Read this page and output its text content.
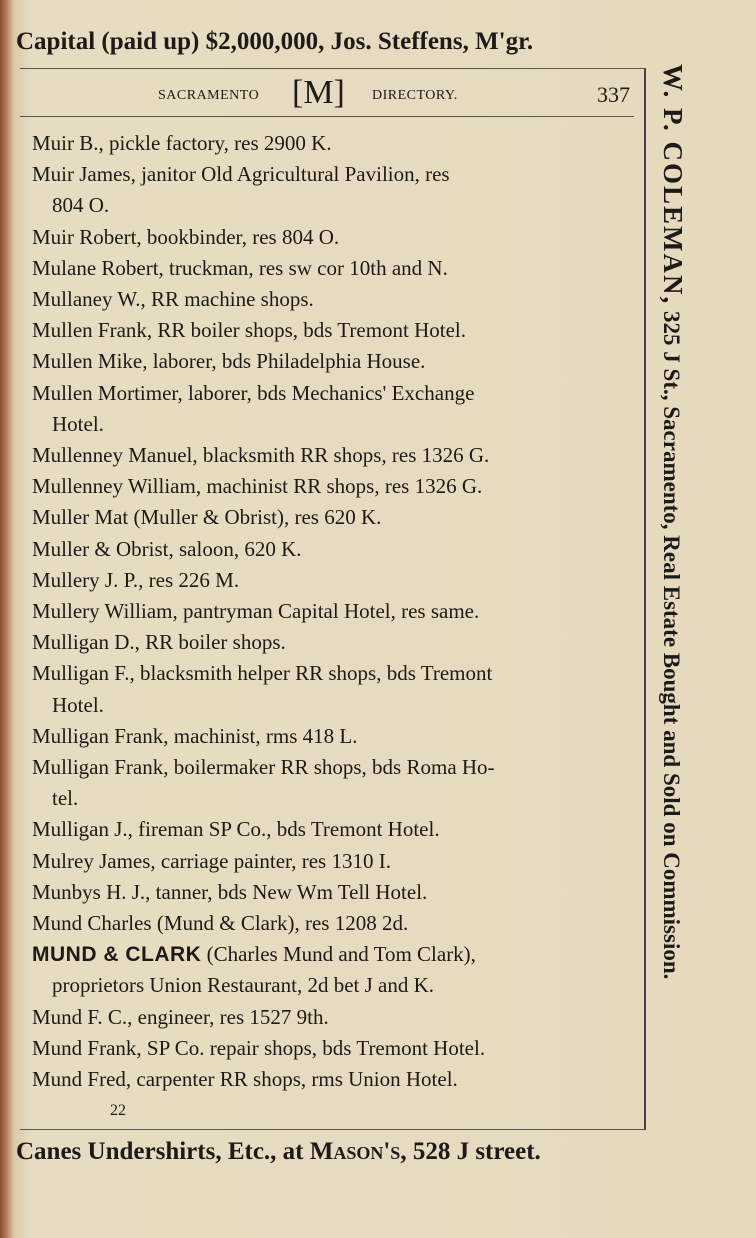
Capital (paid up) $2,000,000, Jos. Steffens, M'gr.
SACRAMENTO [M] DIRECTORY.	337
Muir B., pickle factory, res 2900 K.
Muir James, janitor Old Agricultural Pavilion, res
804 O.
Muir Robert, bookbinder, res 804 O.
Mulane Robert, truckman, res sw cor 10th and N.
Mullaney W., RR machine shops.
Mullen Frank, RR boiler shops, bds Tremont Hotel.
Mullen Mike, laborer, bds Philadelphia House.
Mullen Mortimer, laborer, bds Mechanics' Exchange
Hotel.
Mullenney Manuel, blacksmith RR shops, res 1326 G.
Mullenney William, machinist RR shops, res 1326 G.
Muller Mat (Muller & Obrist), res 620 K.
Muller & Obrist, saloon, 620 K.
Mullery J. P., res 226 M.
Mullery William, pantryman Capital Hotel, res same.
Mulligan D., RR boiler shops.
Mulligan F., blacksmith helper RR shops, bds Tremont
Hotel.
Mulligan Frank, machinist, rms 418 L.
Mulligan Frank, boilermaker RR shops, bds Roma Ho-
tel.
Mulligan J., fireman SP Co., bds Tremont Hotel.
Mulrey James, carriage painter, res 1310 I.
Munbys H. J., tanner, bds New Wm Tell Hotel.
Mund Charles (Mund & Clark), res 1208 2d.
MUND & CLARK (Charles Mund and Tom Clark),
proprietors Union Restaurant, 2d bet J and K.
Mund F. C., engineer, res 1527 9th.
Mund Frank, SP Co. repair shops, bds Tremont Hotel.
Mund Fred, carpenter RR shops, rms Union Hotel.
22
W. P. COLEMAN, 325 J St., Sacramento, Real Estate Bought and Sold on Commission.
Canes Undershirts, Etc., at Mason's, 528 J street.
